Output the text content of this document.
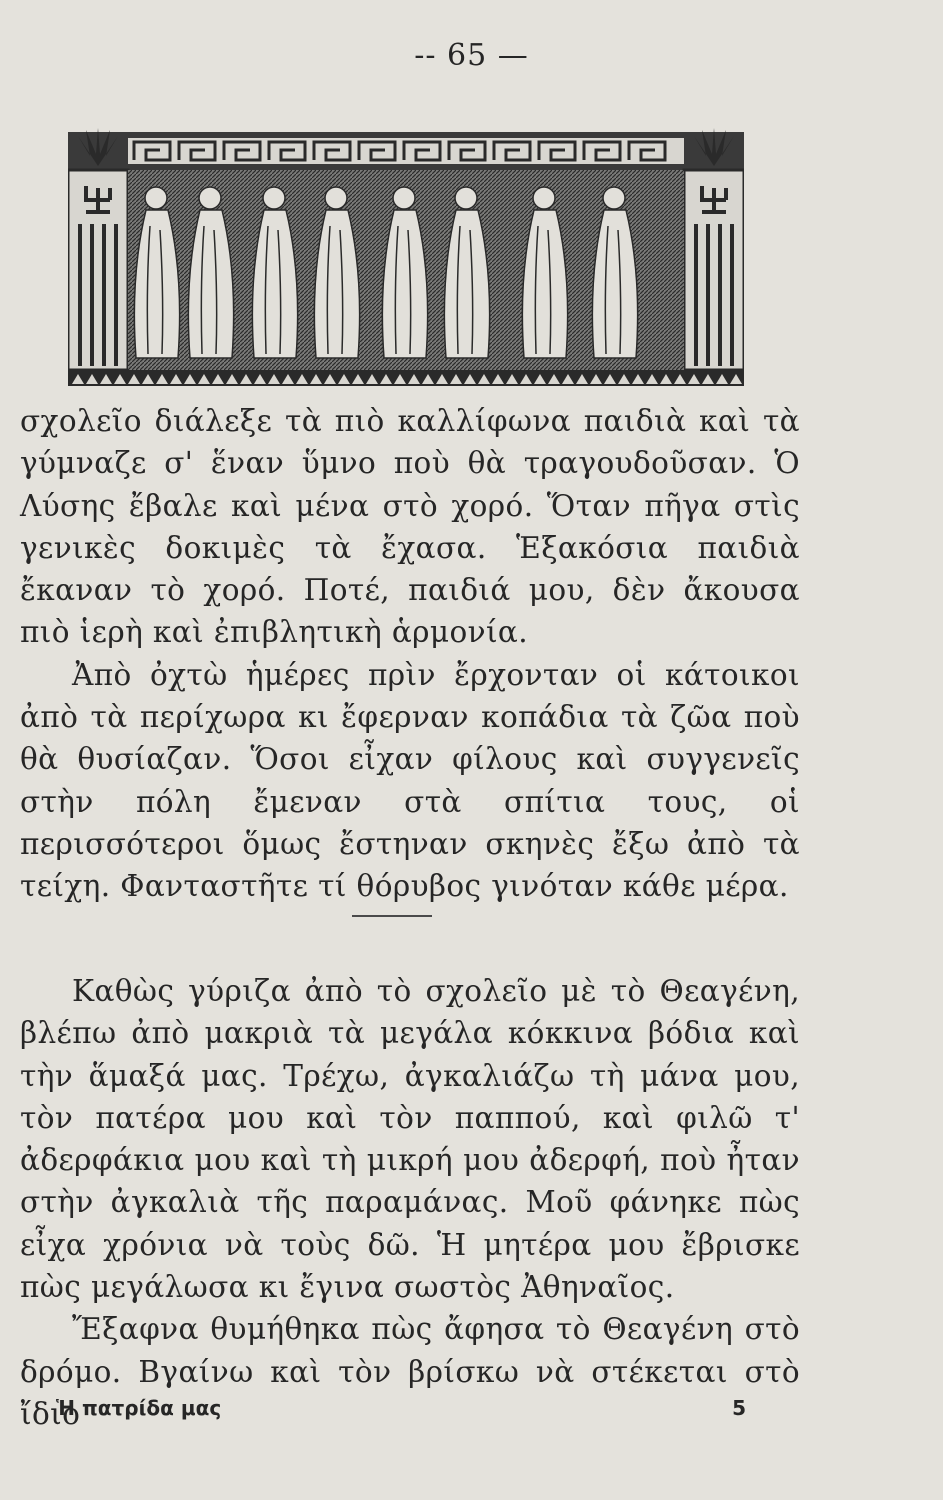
-- 65 —

σχολεῖο διάλεξε τὰ πιὸ καλλίφωνα παιδιὰ καὶ τὰ γύμναζε σ' ἕναν ὕμνο ποὺ θὰ τραγουδοῦσαν. Ὁ Λύσης ἔβαλε καὶ μένα στὸ χορό. Ὅταν πῆγα στὶς γενικὲς δοκιμὲς τὰ ἔχασα. Ἑξακόσια παιδιὰ ἔκαναν τὸ χορό. Ποτέ, παιδιά μου, δὲν ἄκουσα πιὸ ἱερὴ καὶ ἐπιβλητικὴ ἁρμονία.

Ἀπὸ ὀχτὼ ἡμέρες πρὶν ἔρχονταν οἱ κάτοικοι ἀπὸ τὰ περίχωρα κι ἔφερναν κοπάδια τὰ ζῶα ποὺ θὰ θυσίαζαν. Ὅσοι εἶχαν φίλους καὶ συγγενεῖς στὴν πόλη ἔμεναν στὰ σπίτια τους, οἱ περισσότεροι ὅμως ἔστηναν σκηνὲς ἔξω ἀπὸ τὰ τείχη. Φανταστῆτε τί θόρυβος γινόταν κάθε μέρα.

Καθὼς γύριζα ἀπὸ τὸ σχολεῖο μὲ τὸ Θεαγένη, βλέπω ἀπὸ μακριὰ τὰ μεγάλα κόκκινα βόδια καὶ τὴν ἅμαξά μας. Τρέχω, ἀγκαλιάζω τὴ μάνα μου, τὸν πατέρα μου καὶ τὸν παππού, καὶ φιλῶ τ' ἀδερφάκια μου καὶ τὴ μικρή μου ἀδερφή, ποὺ ἦταν στὴν ἀγκαλιὰ τῆς παραμάνας. Μοῦ φάνηκε πὼς εἶχα χρόνια νὰ τοὺς δῶ. Ἡ μητέρα μου ἔβρισκε πὼς μεγάλωσα κι ἔγινα σωστὸς Ἀθηναῖος.

Ἔξαφνα θυμήθηκα πὼς ἄφησα τὸ Θεαγένη στὸ δρόμο. Βγαίνω καὶ τὸν βρίσκω νὰ στέκεται στὸ ἴδιο

Ἡ πατρίδα μας	5
